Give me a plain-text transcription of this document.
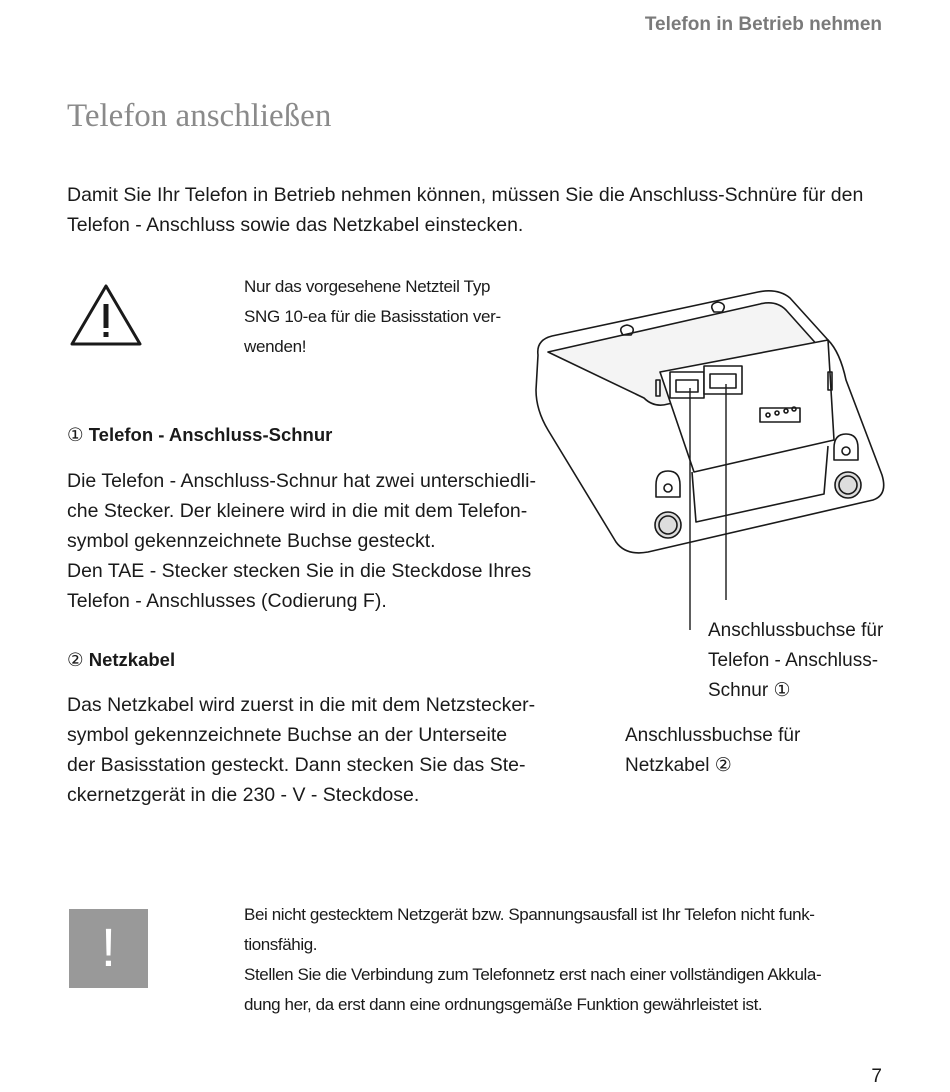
Telefon in Betrieb nehmen
Telefon anschließen

Damit Sie Ihr Telefon in Betrieb nehmen können, müssen Sie die Anschluss-Schnüre für den

Telefon - Anschluss sowie das Netzkabel einstecken.

Nur das vorgesehene Netzteil Typ

SNG 10-ea für die Basisstation ver-

wenden!

① Telefon - Anschluss-Schnur

Die Telefon - Anschluss-Schnur hat zwei unterschiedli-

che Stecker. Der kleinere wird in die mit dem Telefon-

symbol gekennzeichnete Buchse gesteckt.

Den TAE - Stecker stecken Sie in die Steckdose Ihres

Telefon - Anschlusses (Codierung F).

② Netzkabel

Das Netzkabel wird zuerst in die mit dem Netzstecker-

symbol gekennzeichnete Buchse an der Unterseite

der Basisstation gesteckt. Dann stecken Sie das Ste-

ckernetzgerät in die 230 - V - Steckdose.

Anschlussbuchse für

Telefon - Anschluss-

Schnur ①

Anschlussbuchse für

Netzkabel ②

!

Bei nicht gestecktem Netzgerät bzw. Spannungsausfall ist Ihr Telefon nicht funk-

tionsfähig.

Stellen Sie die Verbindung zum Telefonnetz erst nach einer vollständigen Akkula-

dung her, da erst dann eine ordnungsgemäße Funktion gewährleistet ist.

7
